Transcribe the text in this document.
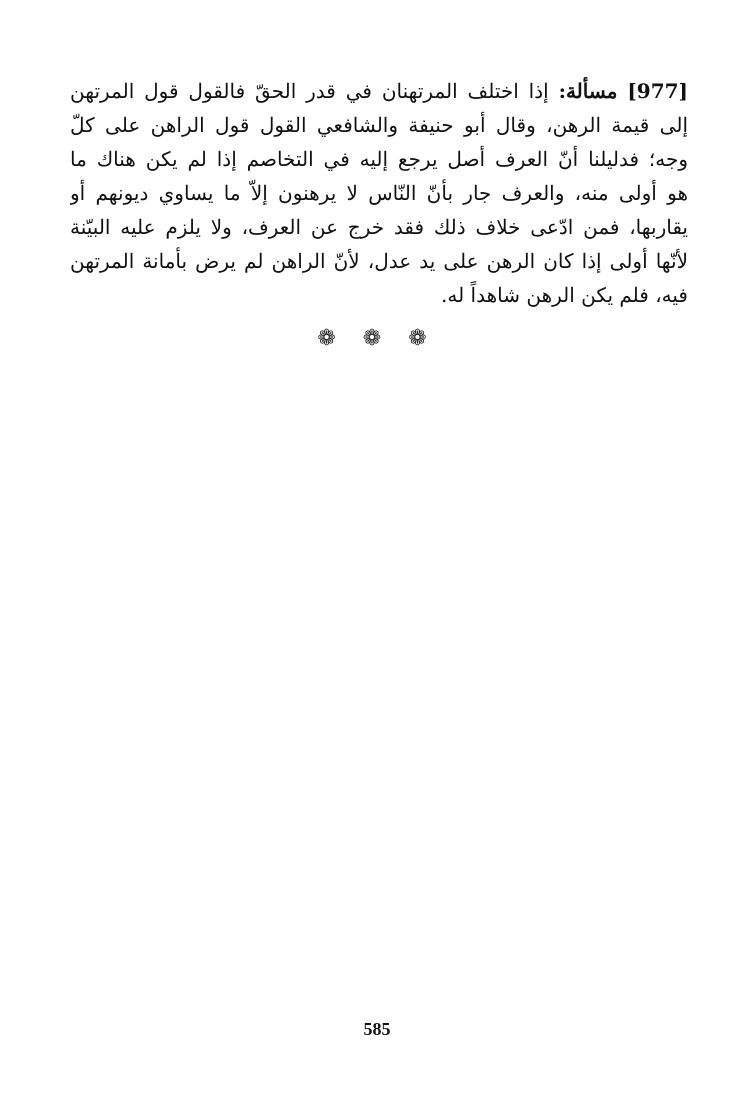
[977] مسألة: إذا اختلف المرتهنان في قدر الحقّ فالقول قول المرتهن
إلى قيمة الرهن، وقال أبو حنيفة والشافعي القول قول الراهن على كلّ
وجه؛ فدليلنا أنّ العرف أصل يرجع إليه في التخاصم إذا لم يكن هناك ما
هو أولى منه، والعرف جار بأنّ النّاس لا يرهنون إلاّ ما يساوي ديونهم أو
يقاربها، فمن ادّعى خلاف ذلك فقد خرج عن العرف، ولا يلزم عليه البيّنة
لأنّها أولى إذا كان الرهن على يد عدل، لأنّ الراهن لم يرض بأمانة المرتهن
فيه، فلم يكن الرهن شاهداً له.
❁ ❁ ❁
585
